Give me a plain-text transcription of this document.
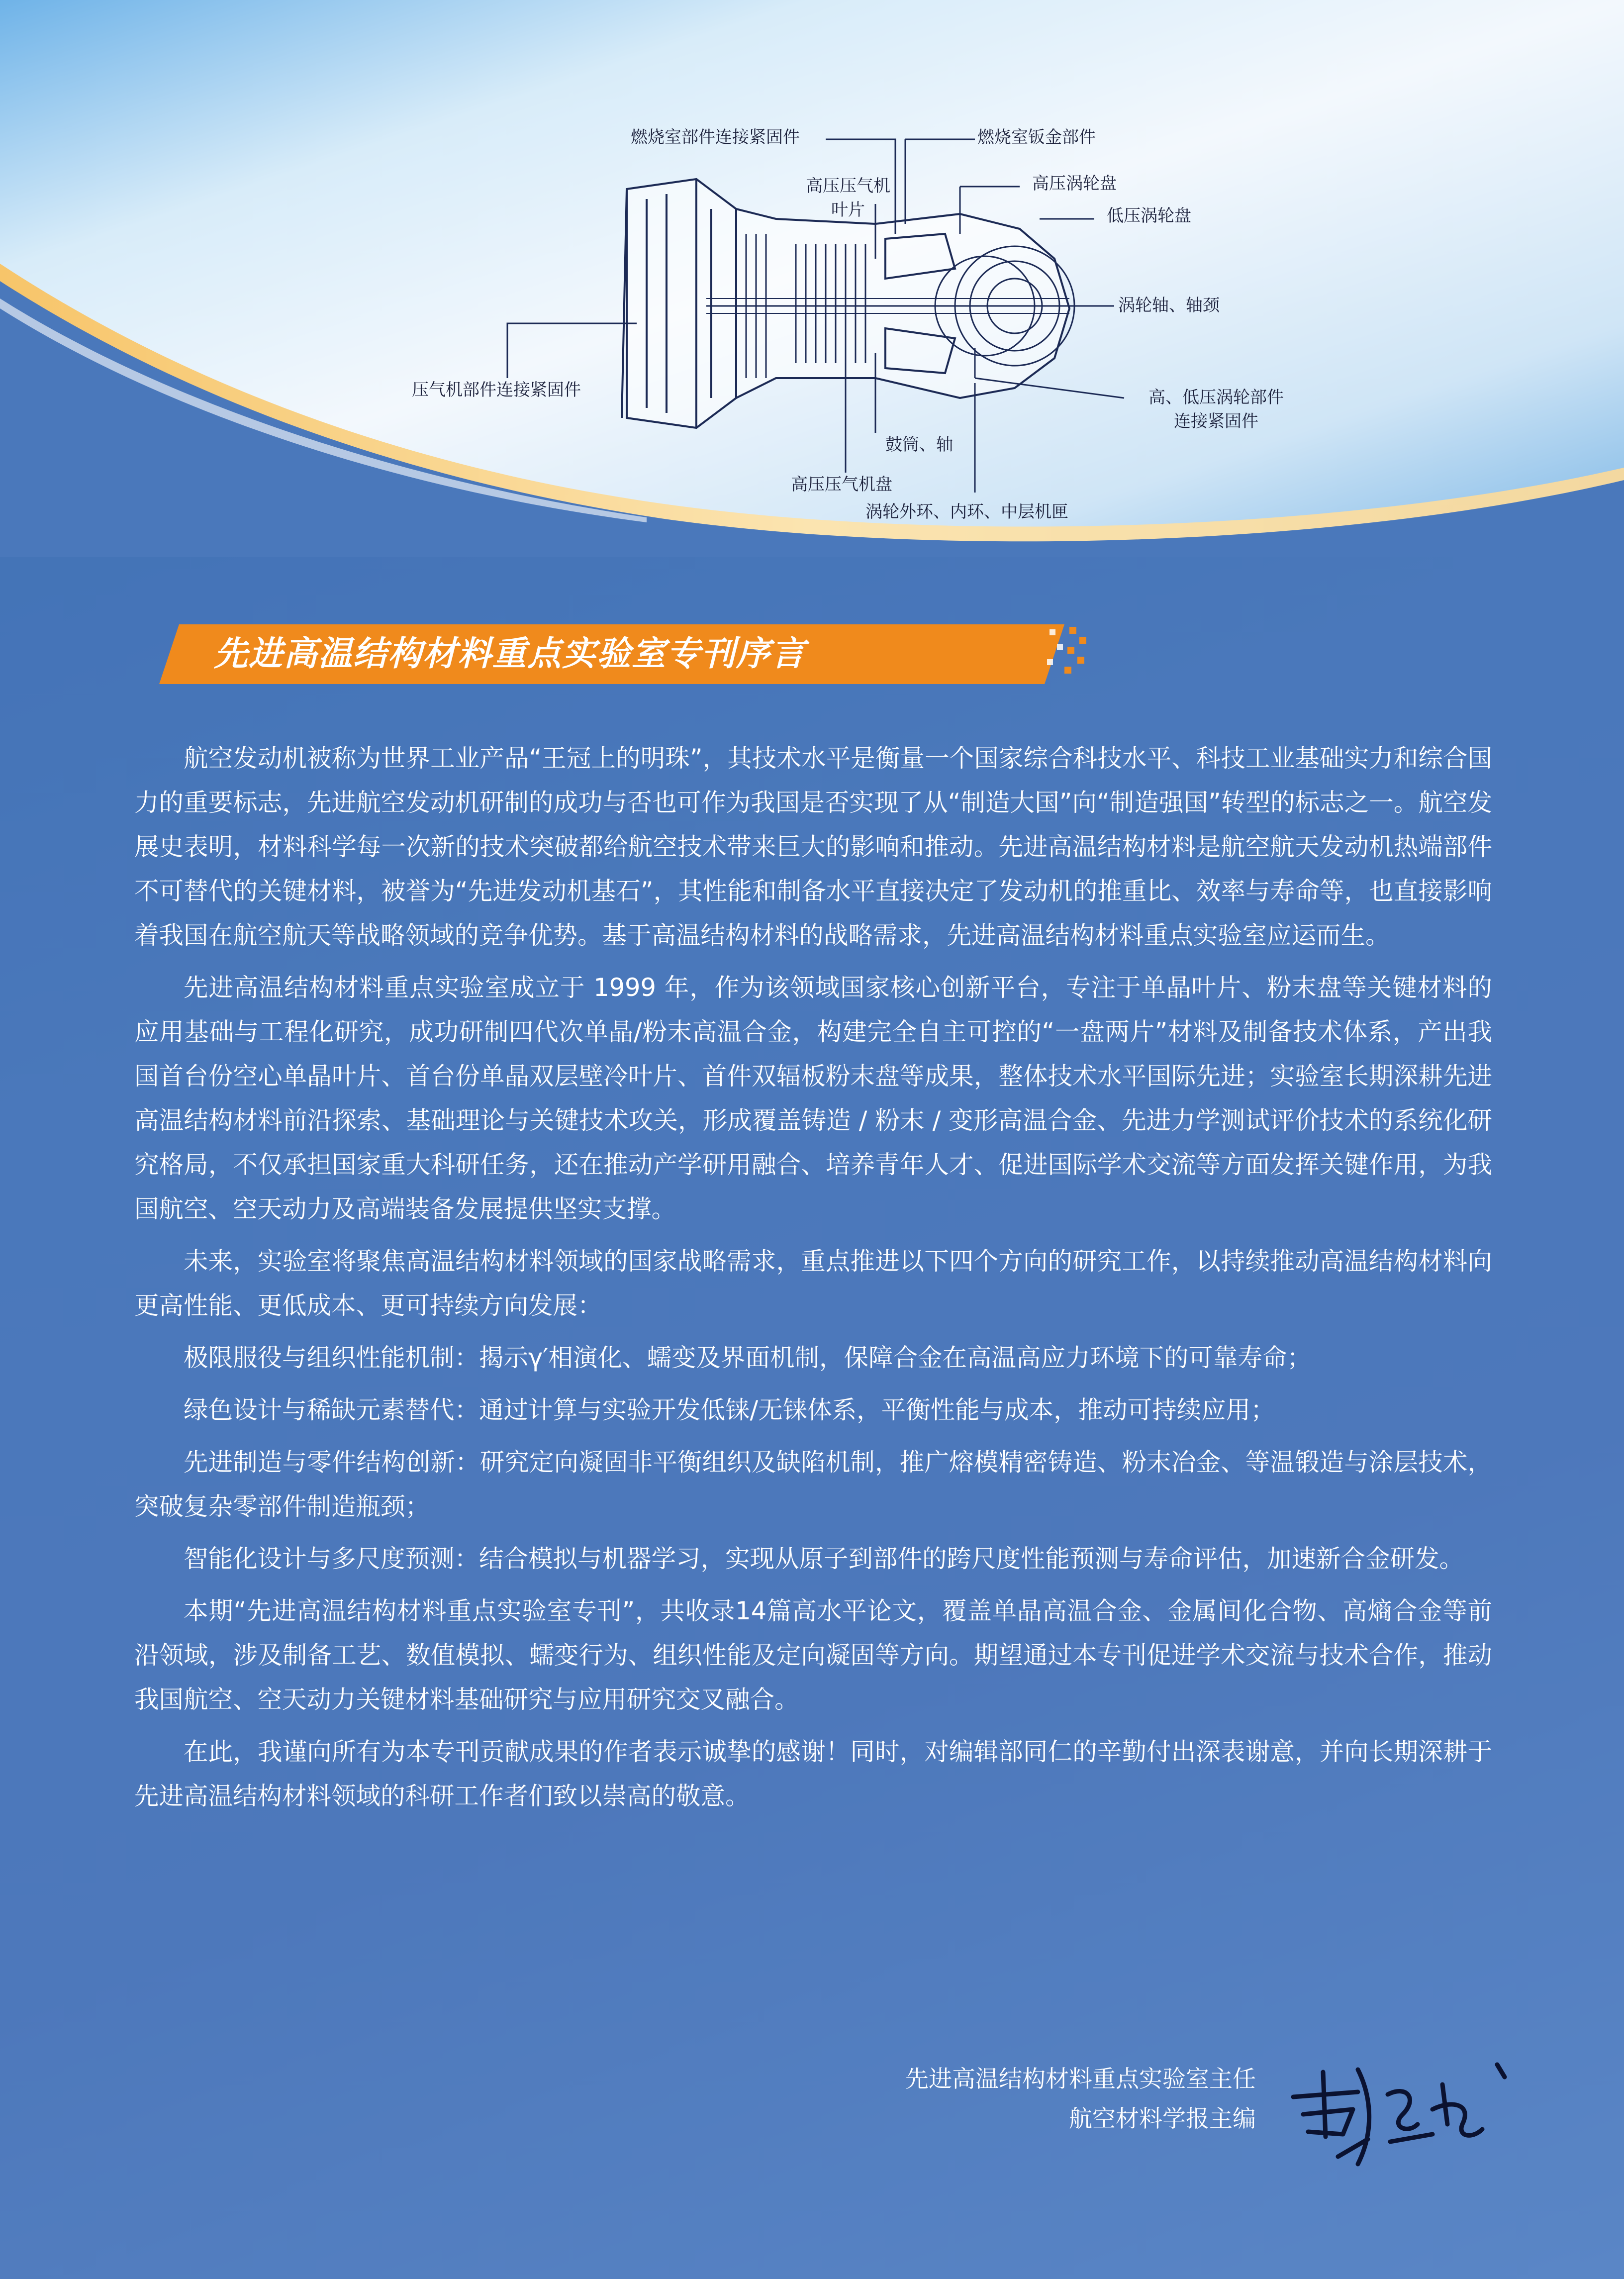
燃烧室部件连接紧固件	燃烧室钣金部件
高压压气机
叶片
高压涡轮盘
低压涡轮盘
涡轮轴、轴颈
压气机部件连接紧固件	高、低压涡轮部件
连接紧固件
鼓筒、轴
高压压气机盘
涡轮外环、内环、中层机匣
先进高温结构材料重点实验室专刊序言

航空发动机被称为世界工业产品“王冠上的明珠”，其技术水平是衡量一个国家综合科技水平、科技工业基础实力和综合国力的重要标志，先进航空发动机研制的成功与否也可作为我国是否实现了从“制造大国”向“制造强国”转型的标志之一。航空发展史表明，材料科学每一次新的技术突破都给航空技术带来巨大的影响和推动。先进高温结构材料是航空航天发动机热端部件不可替代的关键材料，被誉为“先进发动机基石”，其性能和制备水平直接决定了发动机的推重比、效率与寿命等，也直接影响着我国在航空航天等战略领域的竞争优势。基于高温结构材料的战略需求，先进高温结构材料重点实验室应运而生。

先进高温结构材料重点实验室成立于 1999 年，作为该领域国家核心创新平台，专注于单晶叶片、粉末盘等关键材料的应用基础与工程化研究，成功研制四代次单晶/粉末高温合金，构建完全自主可控的“一盘两片”材料及制备技术体系，产出我国首台份空心单晶叶片、首台份单晶双层壁冷叶片、首件双辐板粉末盘等成果，整体技术水平国际先进；实验室长期深耕先进高温结构材料前沿探索、基础理论与关键技术攻关，形成覆盖铸造 / 粉末 / 变形高温合金、先进力学测试评价技术的系统化研究格局，不仅承担国家重大科研任务，还在推动产学研用融合、培养青年人才、促进国际学术交流等方面发挥关键作用，为我国航空、空天动力及高端装备发展提供坚实支撑。

未来，实验室将聚焦高温结构材料领域的国家战略需求，重点推进以下四个方向的研究工作，以持续推动高温结构材料向更高性能、更低成本、更可持续方向发展：

极限服役与组织性能机制：揭示γ′相演化、蠕变及界面机制，保障合金在高温高应力环境下的可靠寿命；

绿色设计与稀缺元素替代：通过计算与实验开发低铼/无铼体系，平衡性能与成本，推动可持续应用；

先进制造与零件结构创新：研究定向凝固非平衡组织及缺陷机制，推广熔模精密铸造、粉末冶金、等温锻造与涂层技术，突破复杂零部件制造瓶颈；

智能化设计与多尺度预测：结合模拟与机器学习，实现从原子到部件的跨尺度性能预测与寿命评估，加速新合金研发。

本期“先进高温结构材料重点实验室专刊”，共收录14篇高水平论文，覆盖单晶高温合金、金属间化合物、高熵合金等前沿领域，涉及制备工艺、数值模拟、蠕变行为、组织性能及定向凝固等方向。期望通过本专刊促进学术交流与技术合作，推动我国航空、空天动力关键材料基础研究与应用研究交叉融合。

在此，我谨向所有为本专刊贡献成果的作者表示诚挚的感谢！同时，对编辑部同仁的辛勤付出深表谢意，并向长期深耕于先进高温结构材料领域的科研工作者们致以崇高的敬意。

先进高温结构材料重点实验室主任
航空材料学报主编
